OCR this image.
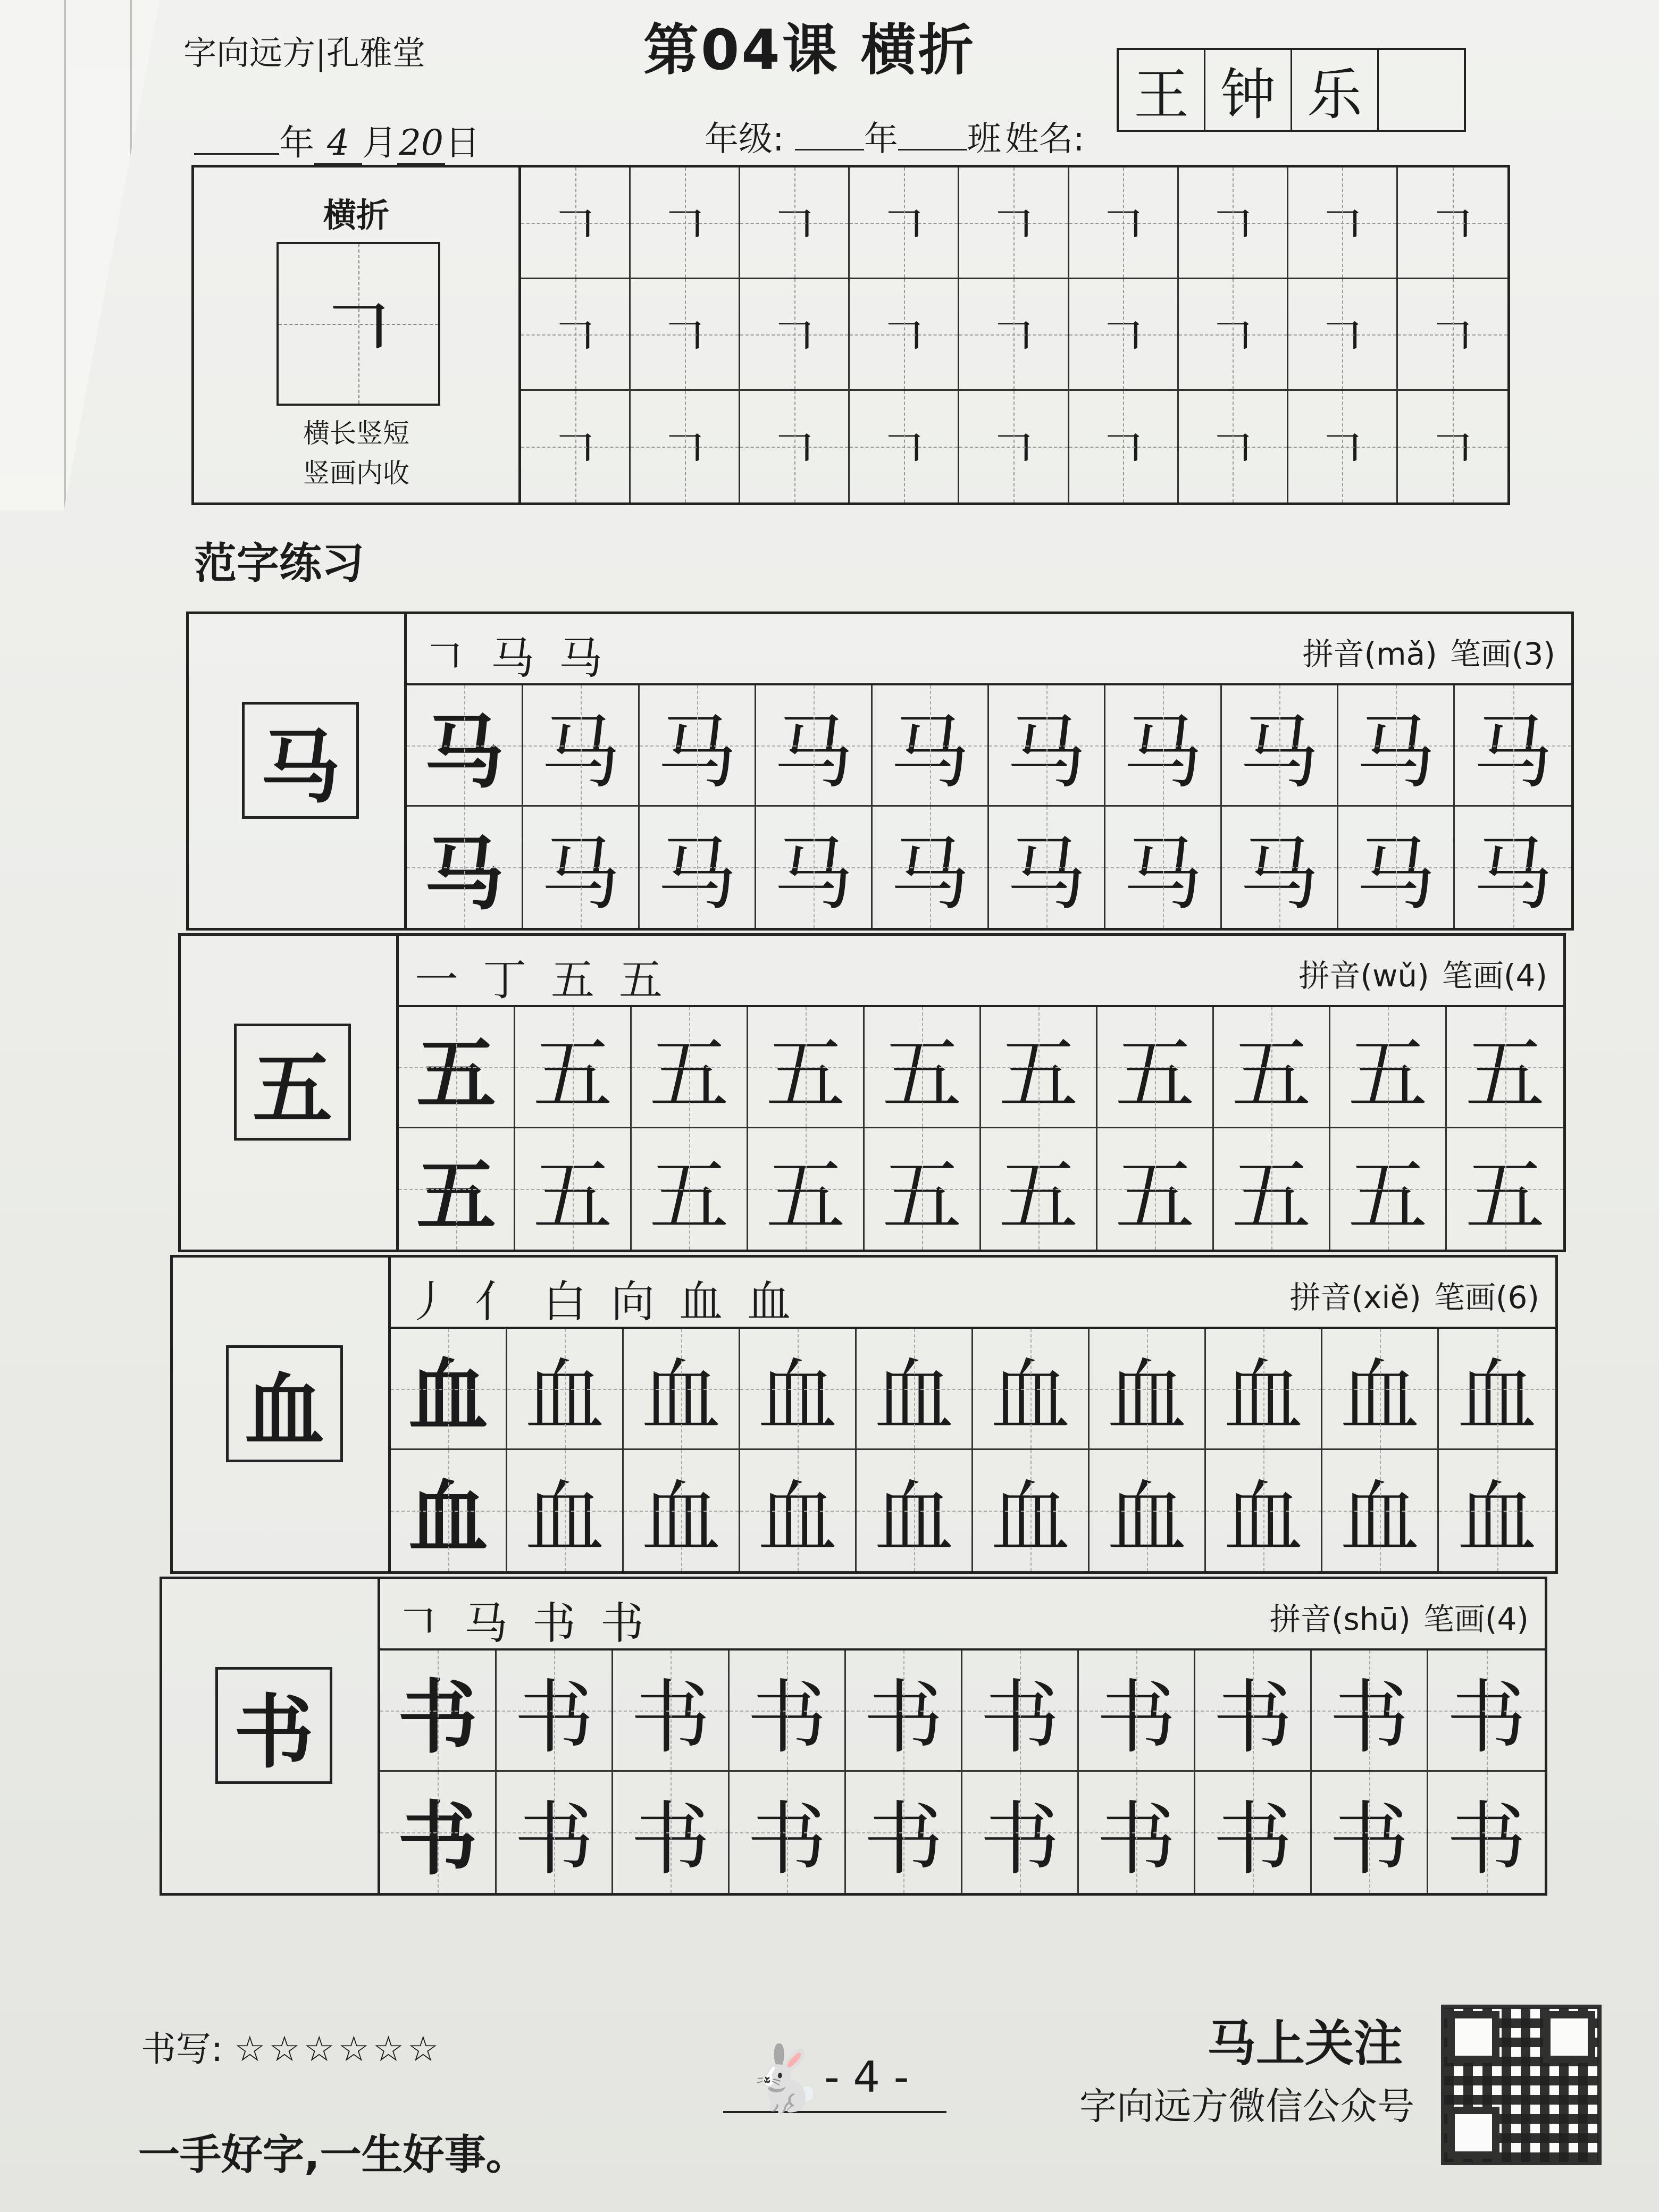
字向远方|孔雅堂	第04课 横折
年 4 月20日	年级: 年 班 姓名:
王 钟 乐
横折
𠃍
横长竖短
竖画内收
𠃍	𠃍	𠃍	𠃍	𠃍	𠃍	𠃍	𠃍	𠃍
𠃍	𠃍	𠃍	𠃍	𠃍	𠃍	𠃍	𠃍	𠃍
𠃍	𠃍	𠃍	𠃍	𠃍	𠃍	𠃍	𠃍	𠃍
范字练习
马
𠃍 马 马	拼音(mǎ) 笔画(3)
马 马 马 马 马 马 马 马 马 马
马 马 马 马 马 马 马 马 马 马
五
一 丁 五 五	拼音(wǔ) 笔画(4)
五 五 五 五 五 五 五 五 五 五
五 五 五 五 五 五 五 五 五 五
血
丿 亻 白 向 血 血	拼音(xiě) 笔画(6)
血 血 血 血 血 血 血 血 血 血
血 血 血 血 血 血 血 血 血 血
书
𠃍 马 书 书	拼音(shū) 笔画(4)
书 书 书 书 书 书 书 书 书 书
书 书 书 书 书 书 书 书 书 书
书写: ☆☆☆☆☆☆
一手好字,一生好事。
🐇 - 4 -
马上关注
字向远方微信公众号
